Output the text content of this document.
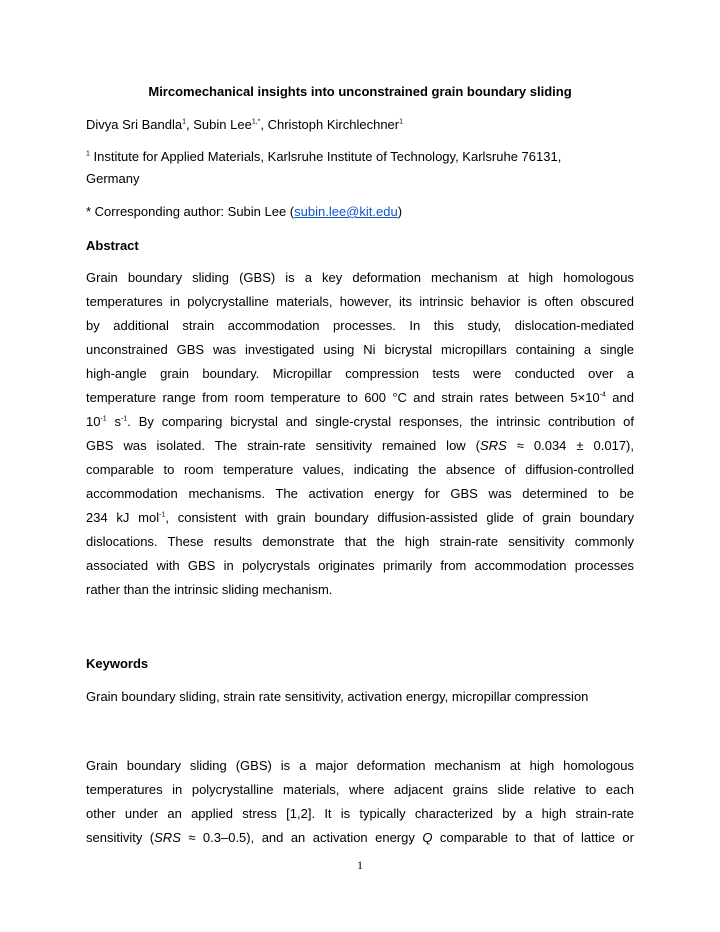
Mircomechanical insights into unconstrained grain boundary sliding
Divya Sri Bandla$^1$, Subin Lee$^{1,*}$, Christoph Kirchlechner$^1$
$^1$ Institute for Applied Materials, Karlsruhe Institute of Technology, Karlsruhe 76131,
Germany
* Corresponding author: Subin Lee (subin.lee@kit.edu)
Abstract
Grain boundary sliding (GBS) is a key deformation mechanism at high homologous
temperatures in polycrystalline materials, however, its intrinsic behavior is often obscured
by additional strain accommodation processes. In this study, dislocation-mediated
unconstrained GBS was investigated using Ni bicrystal micropillars containing a single
high-angle grain boundary. Micropillar compression tests were conducted over a
temperature range from room temperature to 600 °C and strain rates between $5\times 10^{-4}$ and
$10^{-1}$ $s^{-1}$. By comparing bicrystal and single-crystal responses, the intrinsic contribution of
GBS was isolated. The strain-rate sensitivity remained low (SRS ≈ 0.034 ± 0.017),
comparable to room temperature values, indicating the absence of diffusion-controlled
accommodation mechanisms. The activation energy for GBS was determined to be
234 kJ mol$^{-1}$, consistent with grain boundary diffusion-assisted glide of grain boundary
dislocations. These results demonstrate that the high strain-rate sensitivity commonly
associated with GBS in polycrystals originates primarily from accommodation processes
rather than the intrinsic sliding mechanism.
Keywords
Grain boundary sliding, strain rate sensitivity, activation energy, micropillar compression
Grain boundary sliding (GBS) is a major deformation mechanism at high homologous
temperatures in polycrystalline materials, where adjacent grains slide relative to each
other under an applied stress [1,2]. It is typically characterized by a high strain-rate
sensitivity (SRS ≈ 0.3–0.5), and an activation energy Q comparable to that of lattice or
1
